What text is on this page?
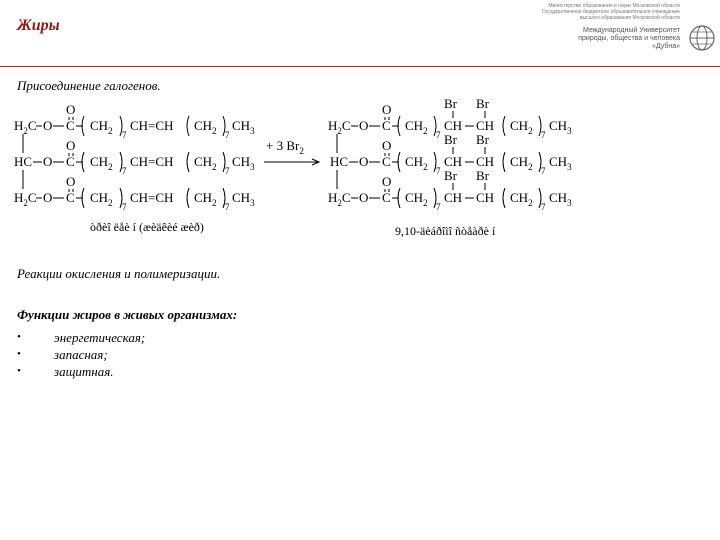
Жиры
Министерство образования и науки Московской области
Государственное бюджетное образовательное учреждение высшего образования Московской области
Международный Университет
природы, общества и человека
«Дубна»
Присоединение галогенов.
$H_2C$ O C
O
$CH_2$ 7
CH=CH $CH_2$ 7
$CH_3$
HC O C
O
$CH_2$ 7
CH=CH $CH_2$ 7
$CH_3$
$H_2C$ O C
O
$CH_2$ 7
CH=CH $CH_2$ 7
$CH_3$
+ 3 $Br_2$
$H_2C$ O C
O
$CH_2$ 7
CH CH
Br Br
$CH_2$ 7
$CH_3$
HC O C
O
$CH_2$ 7
CH CH
Br Br
$CH_2$ 7
$CH_3$
$H_2C$ O C
O
$CH_2$ 7
CH CH
Br Br
$CH_2$ 7
$CH_3$
òðèî ëåè í (æèäêèé æèð)	9,10-äèáðîìî ñòåàðè í
Реакции окисления и полимеризации.
Функции жиров в живых организмах:
•	энергетическая;
•	запасная;
•	защитная.
